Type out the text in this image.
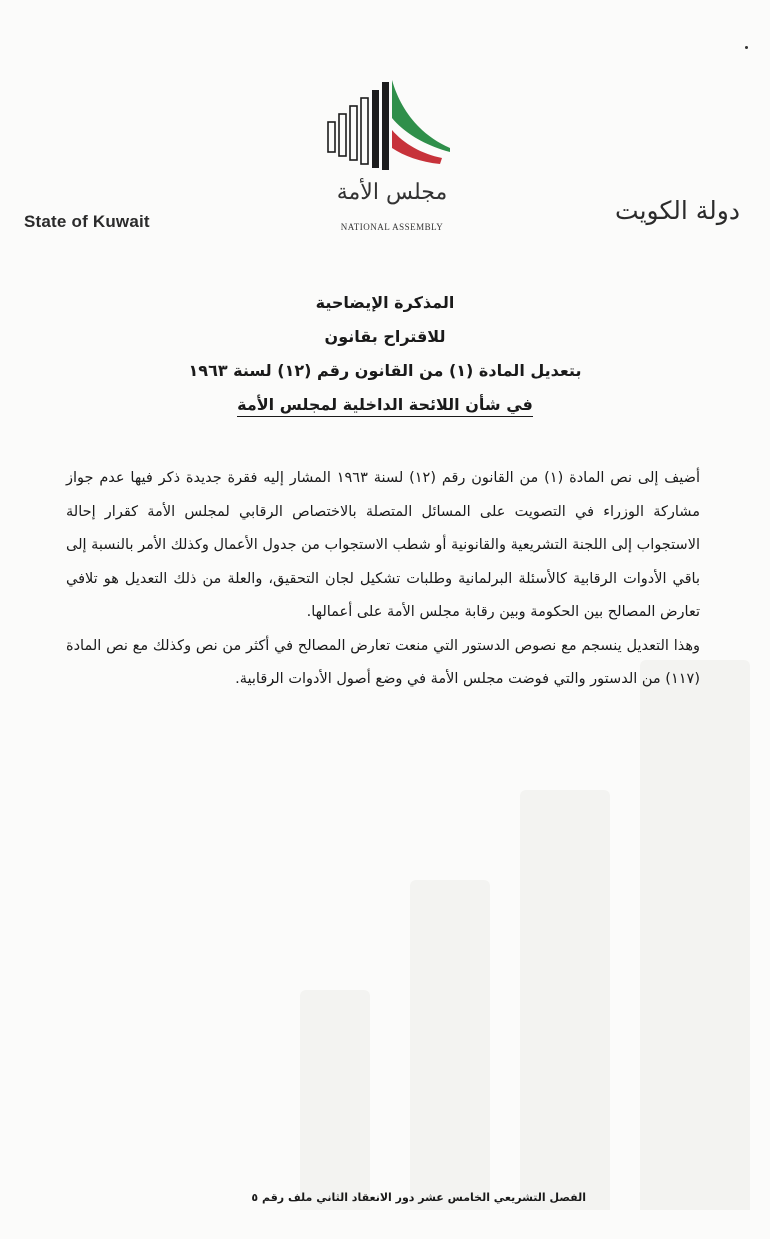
State of Kuwait	دولة الكويت
مجلس الأمة
NATIONAL ASSEMBLY
المذكرة الإيضاحية
للاقتراح بقانون
بتعديل المادة (١) من القانون رقم (١٢) لسنة ١٩٦٣
في شأن اللائحة الداخلية لمجلس الأمة

أضيف إلى نص المادة (١) من القانون رقم (١٢) لسنة ١٩٦٣ المشار إليه فقرة جديدة ذكر فيها عدم جواز مشاركة الوزراء في التصويت على المسائل المتصلة بالاختصاص الرقابي لمجلس الأمة كقرار إحالة الاستجواب إلى اللجنة التشريعية والقانونية أو شطب الاستجواب من جدول الأعمال وكذلك الأمر بالنسبة إلى باقي الأدوات الرقابية كالأسئلة البرلمانية وطلبات تشكيل لجان التحقيق، والعلة من ذلك التعديل هو تلافي تعارض المصالح بين الحكومة وبين رقابة مجلس الأمة على أعمالها.

وهذا التعديل ينسجم مع نصوص الدستور التي منعت تعارض المصالح في أكثر من نص وكذلك مع نص المادة (١١٧) من الدستور والتي فوضت مجلس الأمة في وضع أصول الأدوات الرقابية.

الفصل التشريعي الخامس عشر دور الانعقاد الثاني ملف رقم ٥
